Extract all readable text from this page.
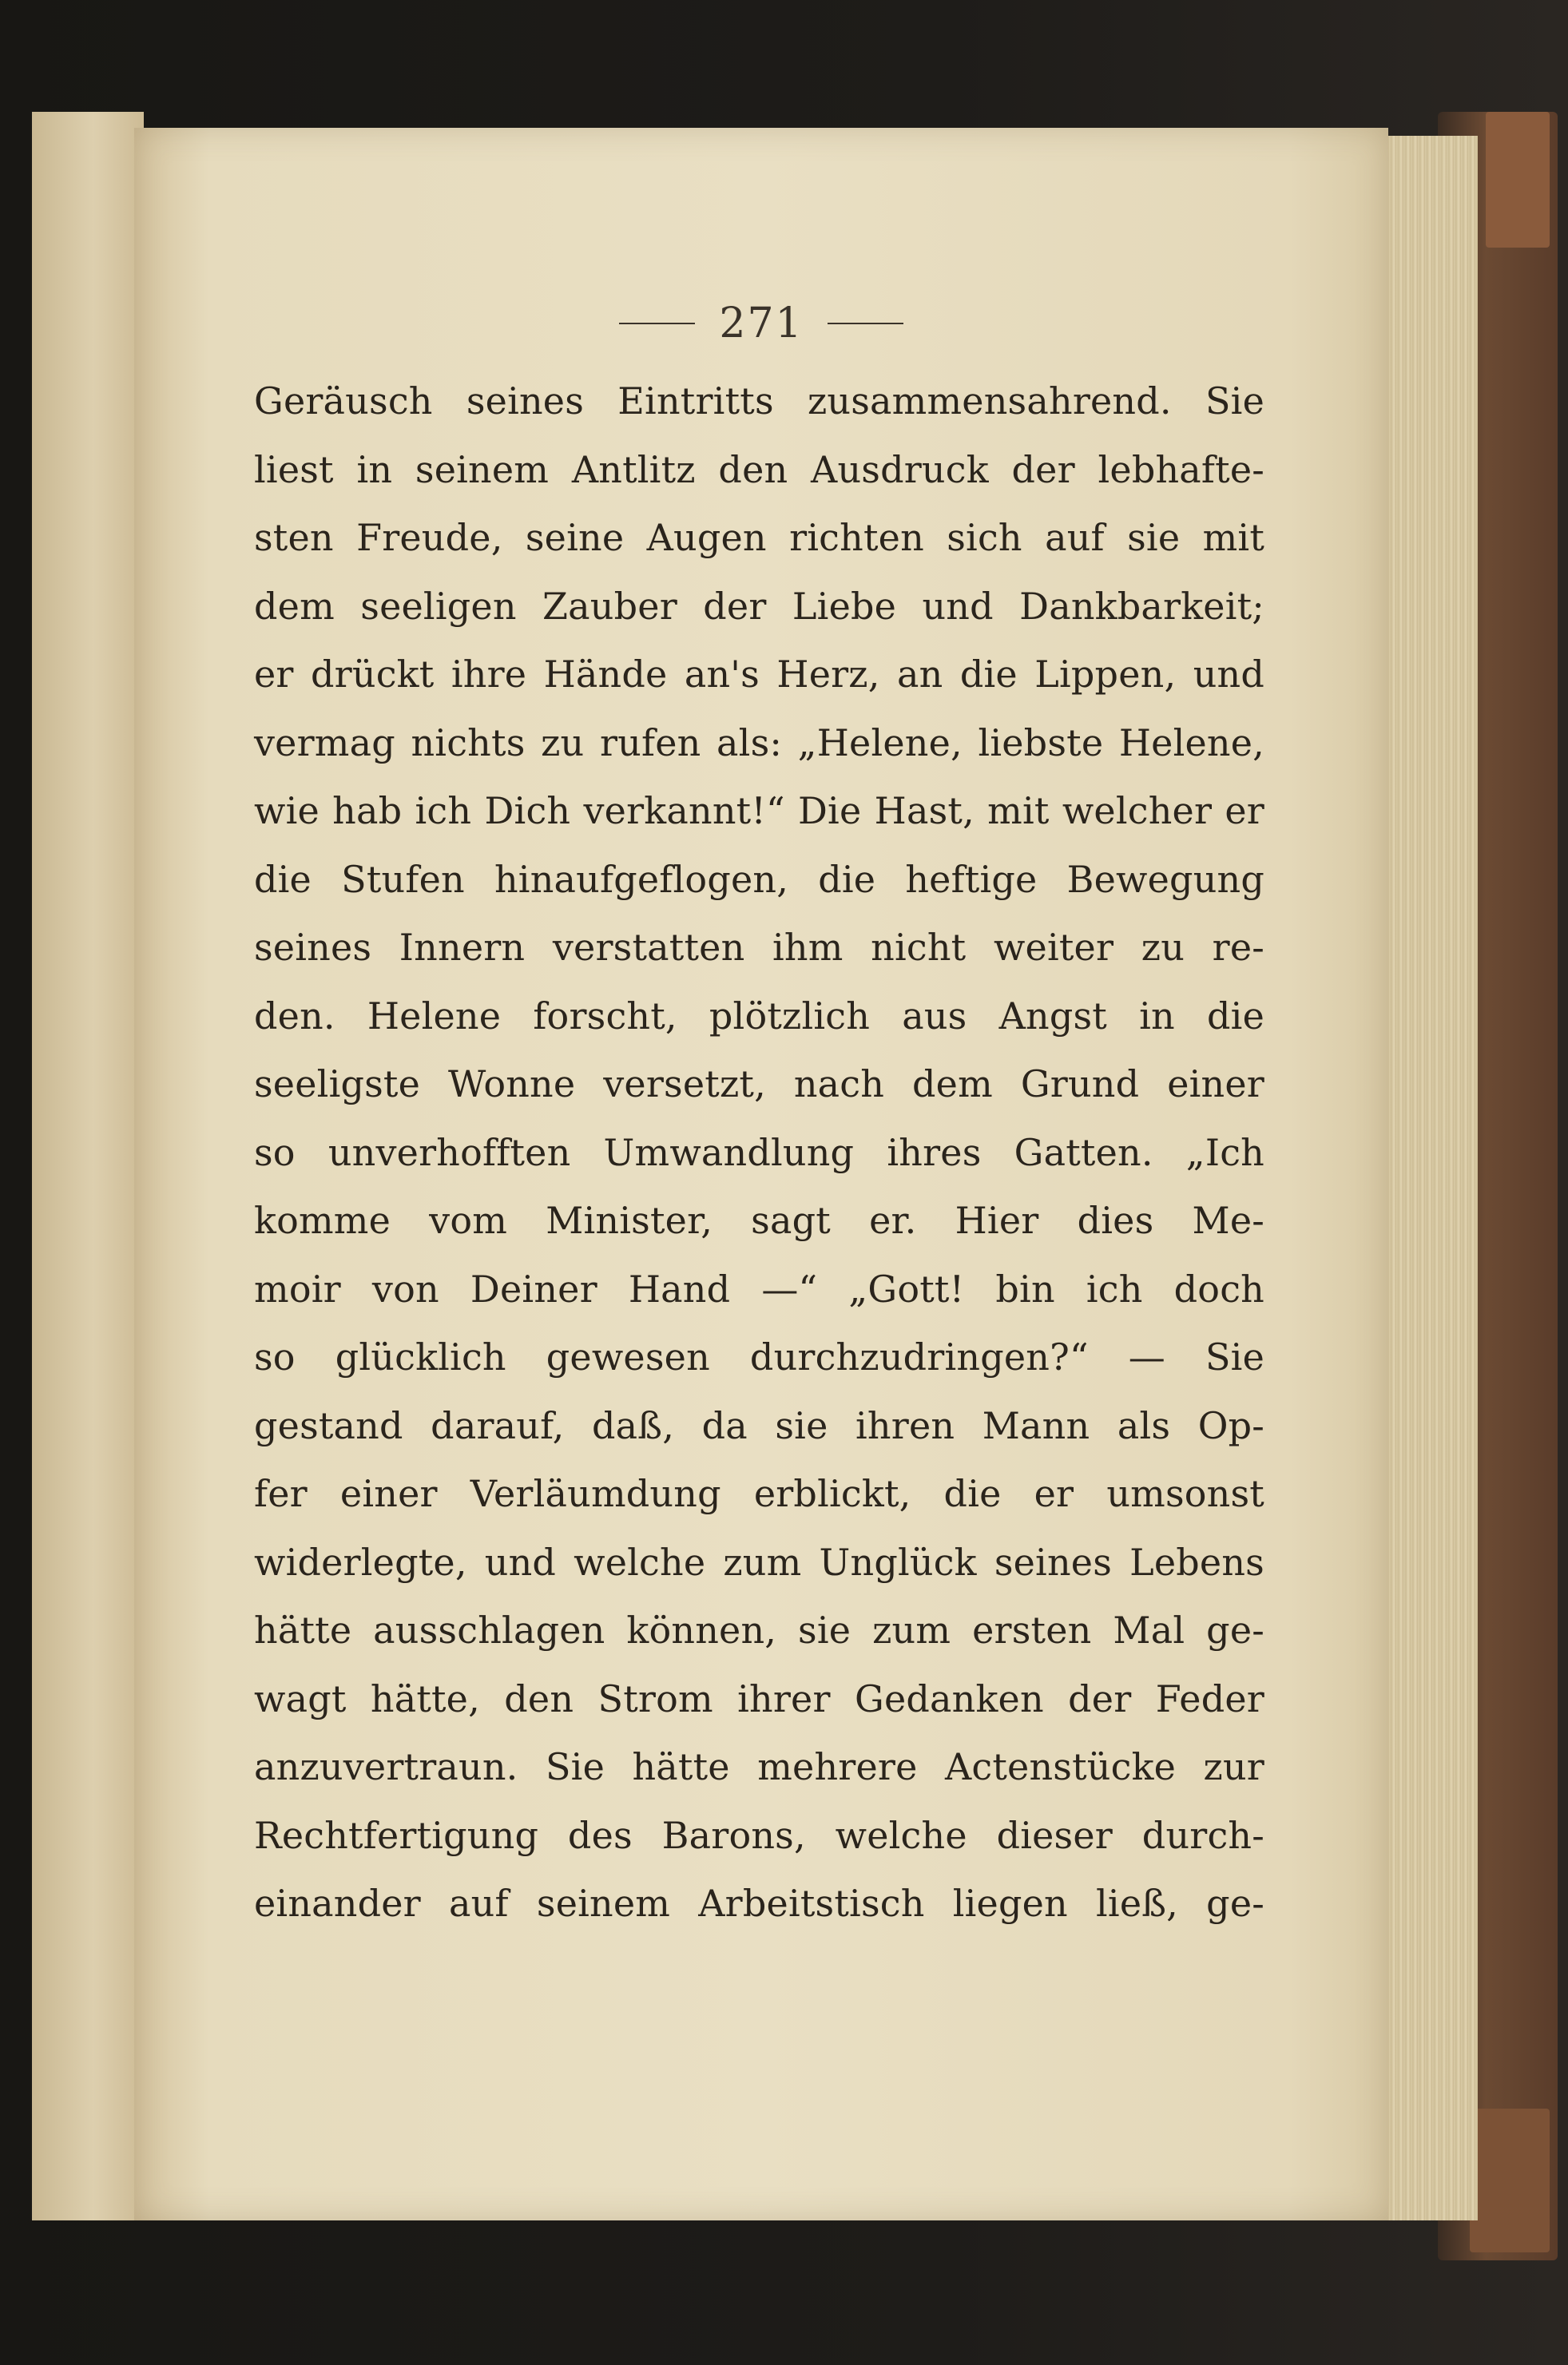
271
Geräusch seines Eintritts zusammensahrend. Sie
liest in seinem Antlitz den Ausdruck der lebhafte-
sten Freude, seine Augen richten sich auf sie mit
dem seeligen Zauber der Liebe und Dankbarkeit;
er drückt ihre Hände an's Herz, an die Lippen, und
vermag nichts zu rufen als: „Helene, liebste Helene,
wie hab ich Dich verkannt!“ Die Hast, mit welcher er
die Stufen hinaufgeflogen, die heftige Bewegung
seines Innern verstatten ihm nicht weiter zu re-
den. Helene forscht, plötzlich aus Angst in die
seeligste Wonne versetzt, nach dem Grund einer
so unverhofften Umwandlung ihres Gatten. „Ich
komme vom Minister, sagt er. Hier dies Me-
moir von Deiner Hand —“ „Gott! bin ich doch
so glücklich gewesen durchzudringen?“ — Sie
gestand darauf, daß, da sie ihren Mann als Op-
fer einer Verläumdung erblickt, die er umsonst
widerlegte, und welche zum Unglück seines Lebens
hätte ausschlagen können, sie zum ersten Mal ge-
wagt hätte, den Strom ihrer Gedanken der Feder
anzuvertraun. Sie hätte mehrere Actenstücke zur
Rechtfertigung des Barons, welche dieser durch-
einander auf seinem Arbeitstisch liegen ließ, ge-
